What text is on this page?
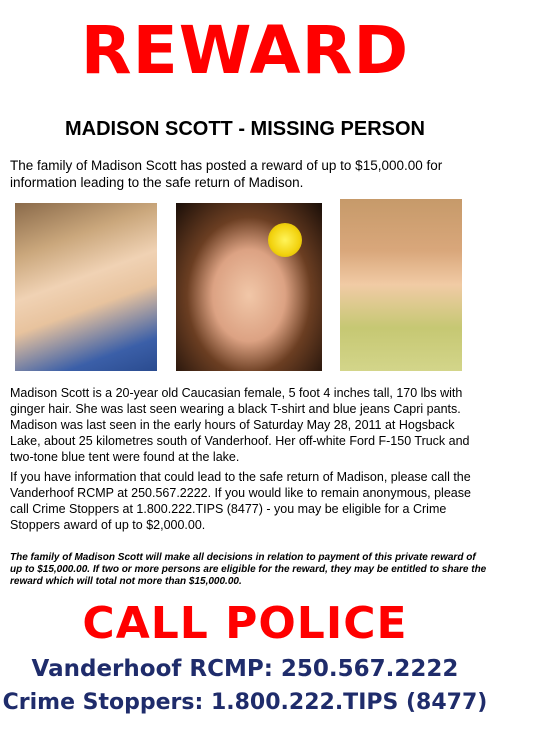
REWARD
MADISON SCOTT - MISSING PERSON
The family of Madison Scott has posted a reward of up to $15,000.00 for information leading to the safe return of Madison.
Madison Scott is a 20-year old Caucasian female, 5 foot 4 inches tall, 170 lbs with ginger hair. She was last seen wearing a black T-shirt and blue jeans Capri pants. Madison was last seen in the early hours of Saturday May 28, 2011 at Hogsback Lake, about 25 kilometres south of Vanderhoof. Her off-white Ford F-150 Truck and two-tone blue tent were found at the lake.
If you have information that could lead to the safe return of Madison, please call the Vanderhoof RCMP at 250.567.2222. If you would like to remain anonymous, please call Crime Stoppers at 1.800.222.TIPS (8477) - you may be eligible for a Crime Stoppers award of up to $2,000.00.
The family of Madison Scott will make all decisions in relation to payment of this private reward of up to $15,000.00. If two or more persons are eligible for the reward, they may be entitled to share the reward which will total not more than $15,000.00.
CALL POLICE
Vanderhoof RCMP: 250.567.2222
Crime Stoppers: 1.800.222.TIPS (8477)
